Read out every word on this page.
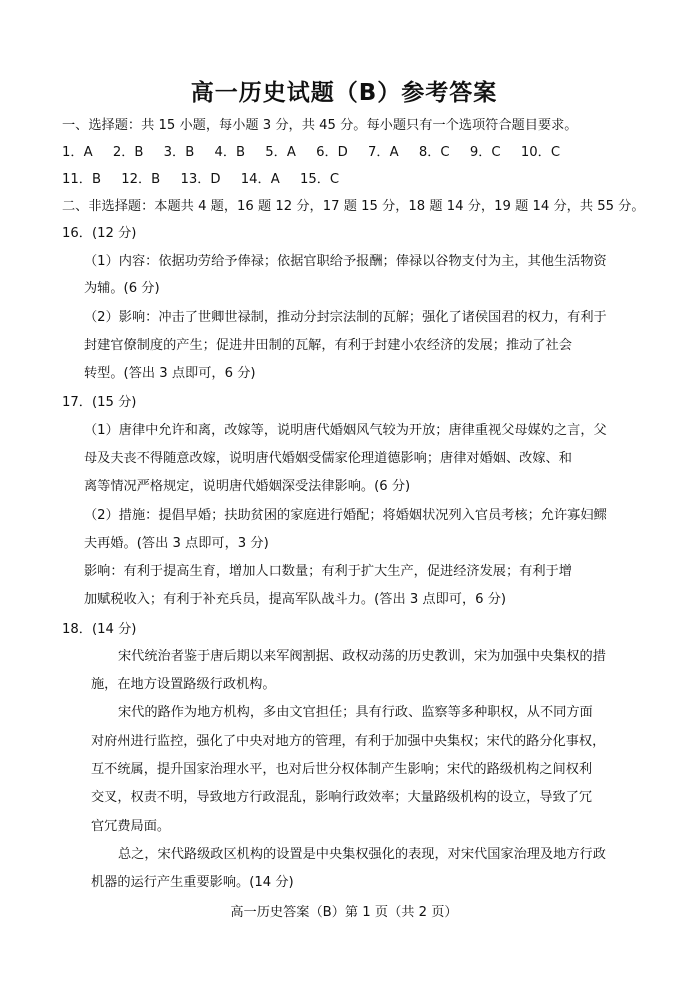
高一历史试题（B）参考答案
一、选择题：共 15 小题，每小题 3 分，共 45 分。每小题只有一个选项符合题目要求。
1．A 2．B 3．B 4．B 5．A 6．D 7．A 8．C 9．C 10．C
11．B 12．B 13．D 14．A 15．C
二、非选择题：本题共 4 题，16 题 12 分，17 题 15 分，18 题 14 分，19 题 14 分，共 55 分。
16．(12 分)
（1）内容：依据功劳给予俸禄；依据官职给予报酬；俸禄以谷物支付为主，其他生活物资
为辅。(6 分)
（2）影响：冲击了世卿世禄制，推动分封宗法制的瓦解；强化了诸侯国君的权力，有利于
封建官僚制度的产生；促进井田制的瓦解，有利于封建小农经济的发展；推动了社会
转型。(答出 3 点即可，6 分)
17．(15 分)
（1）唐律中允许和离，改嫁等，说明唐代婚姻风气较为开放；唐律重视父母媒妁之言，父
母及夫丧不得随意改嫁，说明唐代婚姻受儒家伦理道德影响；唐律对婚姻、改嫁、和
离等情况严格规定，说明唐代婚姻深受法律影响。(6 分)
（2）措施：提倡早婚；扶助贫困的家庭进行婚配；将婚姻状况列入官员考核；允许寡妇鳏
夫再婚。(答出 3 点即可，3 分)
影响：有利于提高生育，增加人口数量；有利于扩大生产，促进经济发展；有利于增
加赋税收入；有利于补充兵员，提高军队战斗力。(答出 3 点即可，6 分)
18．(14 分)
宋代统治者鉴于唐后期以来军阀割据、政权动荡的历史教训，宋为加强中央集权的措
施，在地方设置路级行政机构。
宋代的路作为地方机构，多由文官担任；具有行政、监察等多种职权，从不同方面
对府州进行监控，强化了中央对地方的管理，有利于加强中央集权；宋代的路分化事权，
互不统属，提升国家治理水平，也对后世分权体制产生影响；宋代的路级机构之间权利
交叉，权责不明，导致地方行政混乱，影响行政效率；大量路级机构的设立，导致了冗
官冗费局面。
总之，宋代路级政区机构的设置是中央集权强化的表现，对宋代国家治理及地方行政
机器的运行产生重要影响。(14 分)
高一历史答案（B）第 1 页（共 2 页）
